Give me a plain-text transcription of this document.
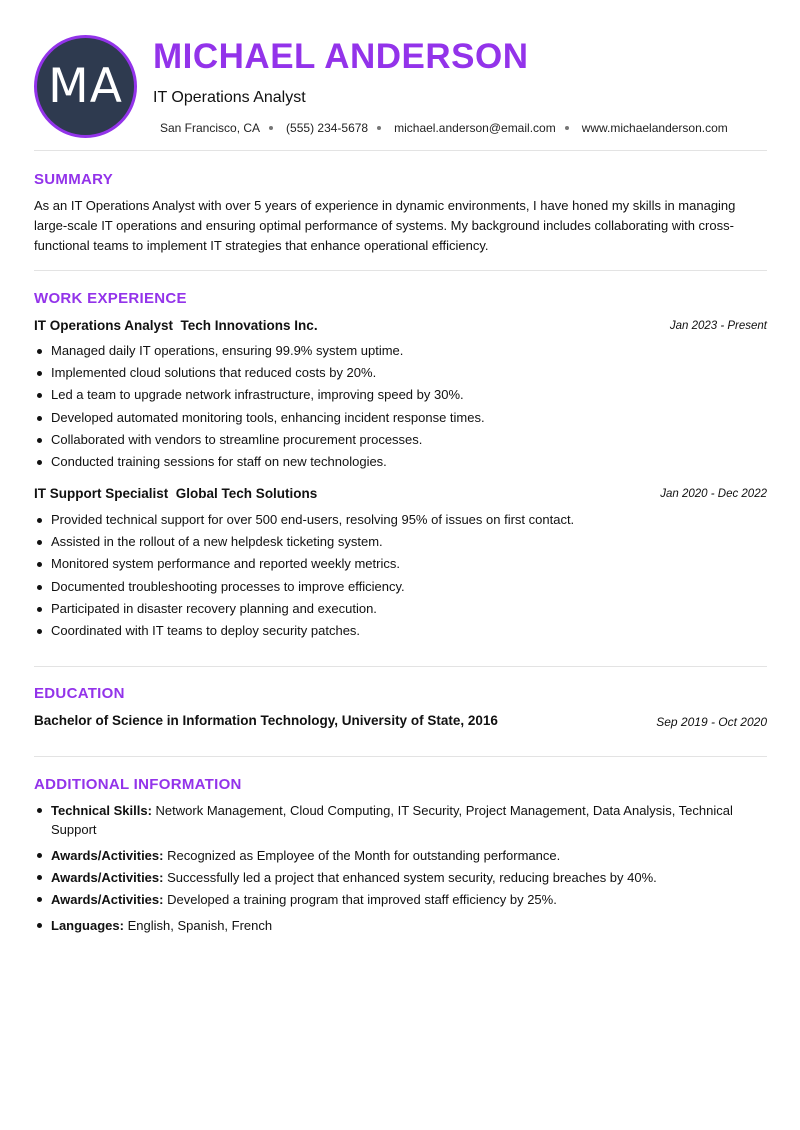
MA
MICHAEL ANDERSON
IT Operations Analyst
San Francisco, CA (555) 234-5678 michael.anderson@email.com www.michaelanderson.com
SUMMARY
As an IT Operations Analyst with over 5 years of experience in dynamic environments, I have honed my skills in managing large-scale IT operations and ensuring optimal performance of systems. My background includes collaborating with cross-functional teams to implement IT strategies that enhance operational efficiency.
WORK EXPERIENCE
IT Operations Analyst Tech Innovations Inc.	Jan 2023 - Present
Managed daily IT operations, ensuring 99.9% system uptime.
Implemented cloud solutions that reduced costs by 20%.
Led a team to upgrade network infrastructure, improving speed by 30%.
Developed automated monitoring tools, enhancing incident response times.
Collaborated with vendors to streamline procurement processes.
Conducted training sessions for staff on new technologies.
IT Support Specialist Global Tech Solutions	Jan 2020 - Dec 2022
Provided technical support for over 500 end-users, resolving 95% of issues on first contact.
Assisted in the rollout of a new helpdesk ticketing system.
Monitored system performance and reported weekly metrics.
Documented troubleshooting processes to improve efficiency.
Participated in disaster recovery planning and execution.
Coordinated with IT teams to deploy security patches.
EDUCATION
Bachelor of Science in Information Technology, University of State, 2016	Sep 2019 - Oct 2020
ADDITIONAL INFORMATION
Technical Skills: Network Management, Cloud Computing, IT Security, Project Management, Data Analysis, Technical Support
Awards/Activities: Recognized as Employee of the Month for outstanding performance.
Awards/Activities: Successfully led a project that enhanced system security, reducing breaches by 40%.
Awards/Activities: Developed a training program that improved staff efficiency by 25%.
Languages: English, Spanish, French
